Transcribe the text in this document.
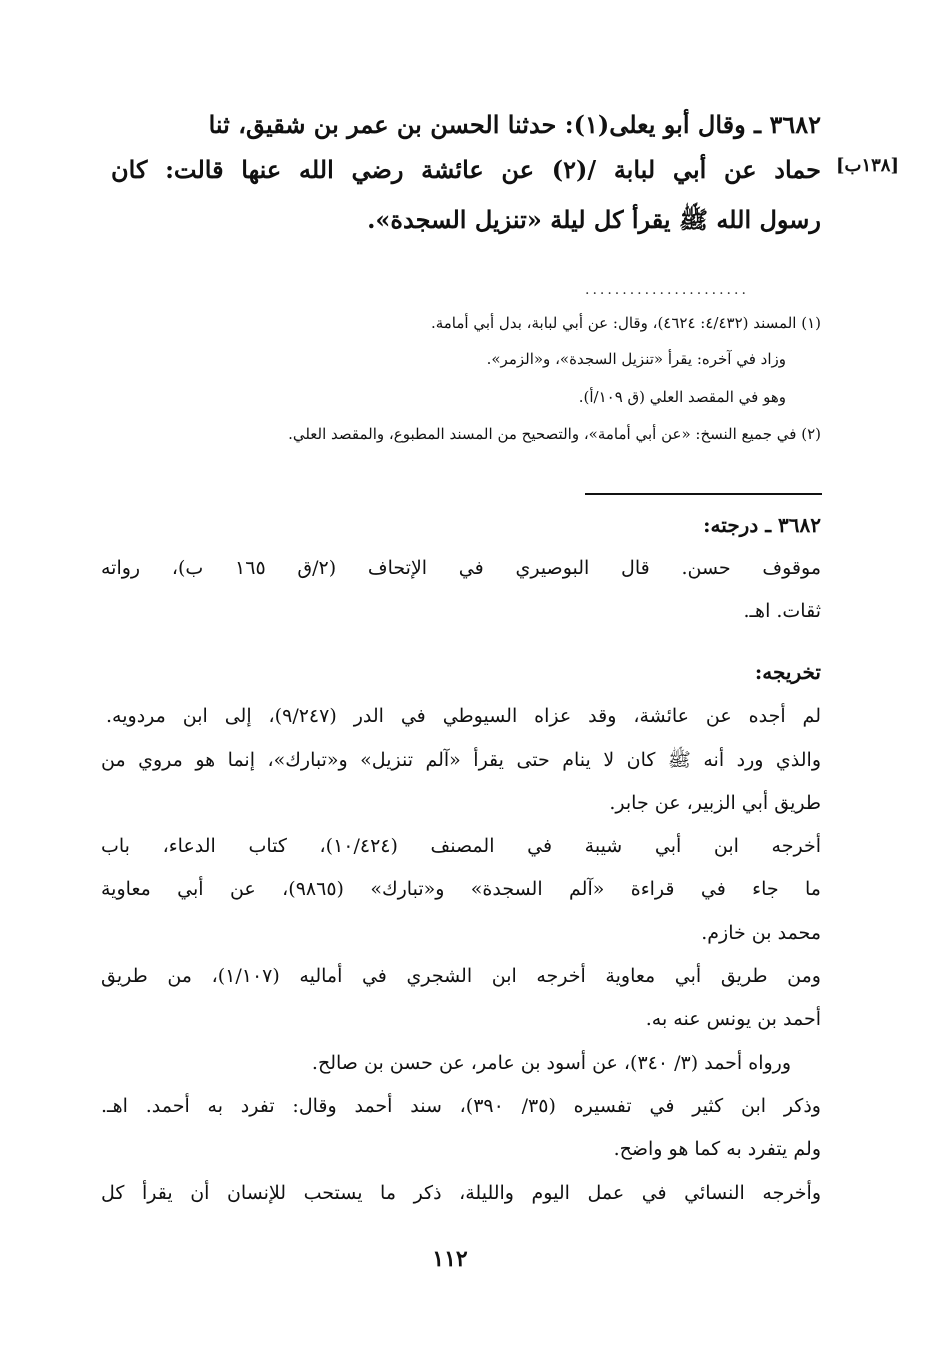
٣٦٨٢ ـ وقال أبو يعلى(١): حدثنا الحسن بن عمر بن شقيق، ثنا
[١٣٨ب]
حماد عن أبي لبابة /(٢) عن عائشة رضي الله عنها قالت: كان
رسول الله ﷺ يقرأ كل ليلة «تنزيل السجدة».
......................
(١) المسند (٤/٤٣٢: ٤٦٢٤)، وقال: عن أبي لبابة، بدل أبي أمامة.
وزاد في آخره: يقرأ «تنزيل السجدة»، و«الزمر».
وهو في المقصد العلي (ق ١٠٩/أ).
(٢) في جميع النسخ: «عن أبي أمامة»، والتصحيح من المسند المطبوع، والمقصد العلي.
٣٦٨٢ ـ درجته:
موقوف حسن. قال البوصيري في الإتحاف (٢/ق ١٦٥ ب)، رواته
ثقات. اهـ.
تخريجه:
لم أجده عن عائشة، وقد عزاه السيوطي في الدر (٩/٢٤٧)، إلى ابن مردويه.
والذي ورد أنه ﷺ كان لا ينام حتى يقرأ «آلم تنزيل» و«تبارك»، إنما هو مروي من
طريق أبي الزبير، عن جابر.
أخرجه ابن أبي شيبة في المصنف (١٠/٤٢٤)، كتاب الدعاء، باب
ما جاء في قراءة «آلم السجدة» و«تبارك» (٩٨٦٥)، عن أبي معاوية
محمد بن خازم.
ومن طريق أبي معاوية أخرجه ابن الشجري في أماليه (١/١٠٧)، من طريق
أحمد بن يونس عنه به.
ورواه أحمد (٣/ ٣٤٠)، عن أسود بن عامر، عن حسن بن صالح.
وذكر ابن كثير في تفسيره (٣٥/ ٣٩٠)، سند أحمد وقال: تفرد به أحمد. اهـ.
ولم يتفرد به كما هو واضح.
وأخرجه النسائي في عمل اليوم والليلة، ذكر ما يستحب للإنسان أن يقرأ كل
١١٢
